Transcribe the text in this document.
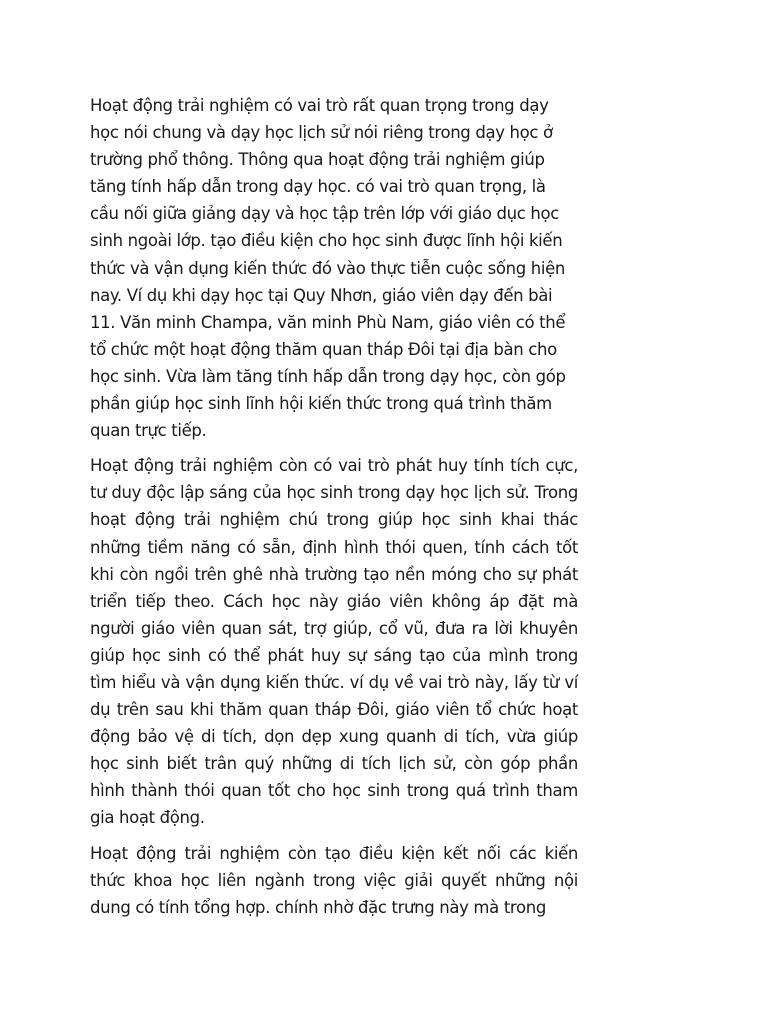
Hoạt động trải nghiệm có vai trò rất quan trọng trong dạy học nói chung và dạy học lịch sử nói riêng trong dạy học ở trường phổ thông. Thông qua hoạt động trải nghiệm giúp tăng tính hấp dẫn trong dạy học. có vai trò quan trọng, là cầu nối giữa giảng dạy và học tập trên lớp với giáo dục học sinh ngoài lớp. tạo điều kiện cho học sinh được lĩnh hội kiến thức và vận dụng kiến thức đó vào thực tiễn cuộc sống hiện nay. Ví dụ khi dạy học tại Quy Nhơn, giáo viên dạy đến bài 11. Văn minh Champa, văn minh Phù Nam, giáo viên có thể tổ chức một hoạt động thăm quan tháp Đôi tại địa bàn cho học sinh. Vừa làm tăng tính hấp dẫn trong dạy học, còn góp phần giúp học sinh lĩnh hội kiến thức trong quá trình thăm quan trực tiếp.

Hoạt động trải nghiệm còn có vai trò phát huy tính tích cực, tư duy độc lập sáng của học sinh trong dạy học lịch sử. Trong hoạt động trải nghiệm chú trong giúp học sinh khai thác những tiềm năng có sẵn, định hình thói quen, tính cách tốt khi còn ngồi trên ghê nhà trường tạo nền móng cho sự phát triển tiếp theo. Cách học này giáo viên không áp đặt mà người giáo viên quan sát, trợ giúp, cổ vũ, đưa ra lời khuyên giúp học sinh có thể phát huy sự sáng tạo của mình trong tìm hiểu và vận dụng kiến thức. ví dụ về vai trò này, lấy từ ví dụ trên sau khi thăm quan tháp Đôi, giáo viên tổ chức hoạt động bảo vệ di tích, dọn dẹp xung quanh di tích, vừa giúp học sinh biết trân quý những di tích lịch sử, còn góp phần hình thành thói quan tốt cho học sinh trong quá trình tham gia hoạt động.

Hoạt động trải nghiệm còn tạo điều kiện kết nối các kiến thức khoa học liên ngành trong việc giải quyết những nội dung có tính tổng hợp. chính nhờ đặc trưng này mà trong
